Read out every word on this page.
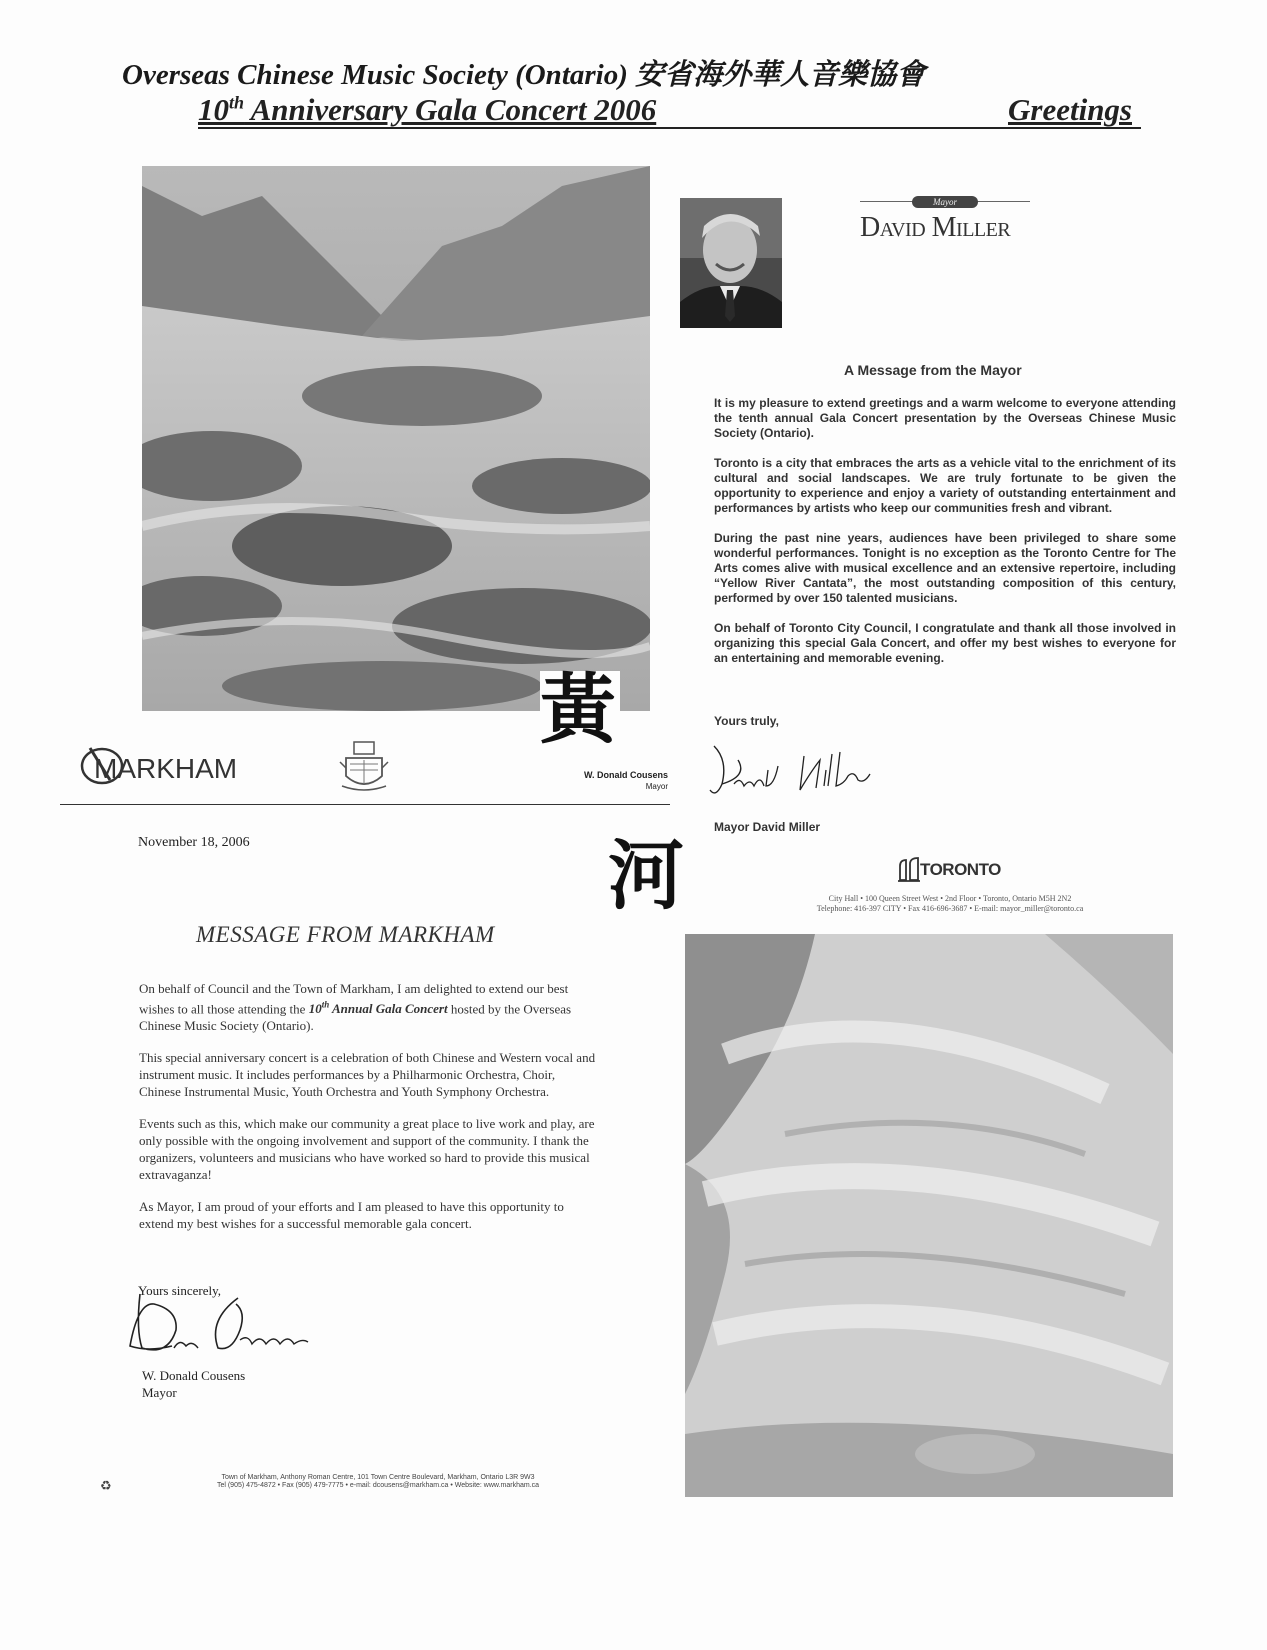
Overseas Chinese Music Society (Ontario) 安省海外華人音樂協會
10th Anniversary Gala Concert 2006	Greetings
黃
河
MARKHAM	W. Donald Cousens
Mayor
November 18, 2006
MESSAGE FROM MARKHAM

On behalf of Council and the Town of Markham, I am delighted to extend our best wishes to all those attending the 10th Annual Gala Concert hosted by the Overseas Chinese Music Society (Ontario).

This special anniversary concert is a celebration of both Chinese and Western vocal and instrument music. It includes performances by a Philharmonic Orchestra, Choir, Chinese Instrumental Music, Youth Orchestra and Youth Symphony Orchestra.

Events such as this, which make our community a great place to live work and play, are only possible with the ongoing involvement and support of the community. I thank the organizers, volunteers and musicians who have worked so hard to provide this musical extravaganza!

As Mayor, I am proud of your efforts and I am pleased to have this opportunity to extend my best wishes for a successful memorable gala concert.

Yours sincerely,
W. Donald Cousens
Mayor
♻
Town of Markham, Anthony Roman Centre, 101 Town Centre Boulevard, Markham, Ontario L3R 9W3
Tel (905) 475-4872 • Fax (905) 479-7775 • e-mail: dcousens@markham.ca • Website: www.markham.ca
Mayor
David Miller
A Message from the Mayor

It is my pleasure to extend greetings and a warm welcome to everyone attending the tenth annual Gala Concert presentation by the Overseas Chinese Music Society (Ontario).

Toronto is a city that embraces the arts as a vehicle vital to the enrichment of its cultural and social landscapes. We are truly fortunate to be given the opportunity to experience and enjoy a variety of outstanding entertainment and performances by artists who keep our communities fresh and vibrant.

During the past nine years, audiences have been privileged to share some wonderful performances. Tonight is no exception as the Toronto Centre for The Arts comes alive with musical excellence and an extensive repertoire, including “Yellow River Cantata”, the most outstanding composition of this century, performed by over 150 talented musicians.

On behalf of Toronto City Council, I congratulate and thank all those involved in organizing this special Gala Concert, and offer my best wishes to everyone for an entertaining and memorable evening.

Yours truly,
Mayor David Miller
TORONTO
City Hall • 100 Queen Street West • 2nd Floor • Toronto, Ontario M5H 2N2
Telephone: 416-397 CITY • Fax 416-696-3687 • E-mail: mayor_miller@toronto.ca
